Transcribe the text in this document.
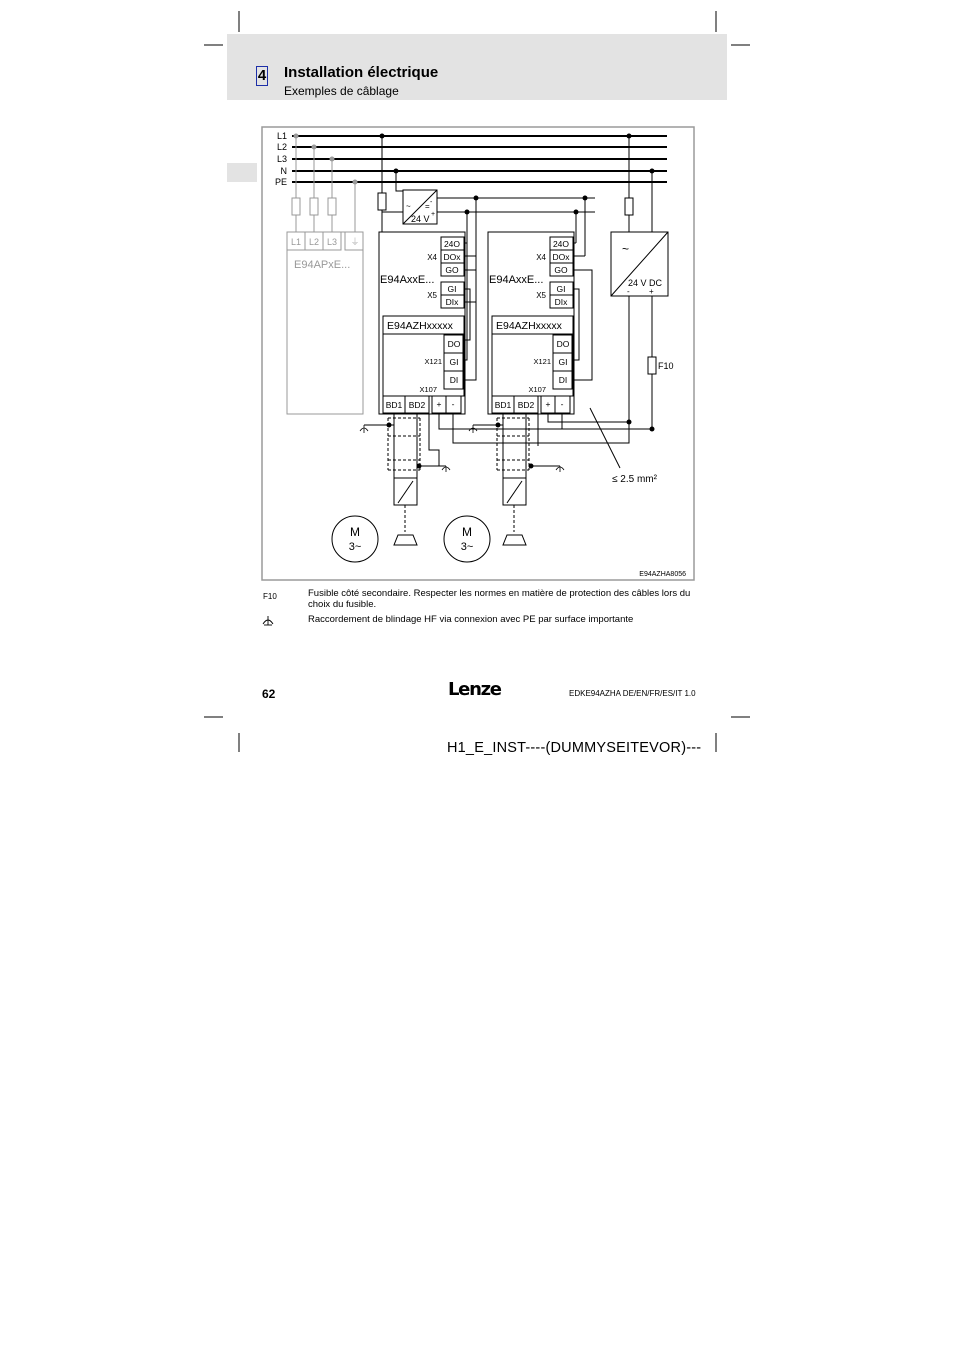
4 Installation électrique
Exemples de câblage
L1
L2
L3
N
PE
L1 L2 L3 ⏚
E94APxE...
~ =
24 V
-
+
E94AxxE...
X4
24O
DOx
GO
X5
GI
DIx
E94AZHxxxxx
X121
DO
GI
DI
X107
BD1 BD2 + -
E94AxxE...
X4
24O
DOx
GO
X5
GI
DIx
E94AZHxxxxx
X121
DO
GI
DI
X107
BD1 BD2 + -
~
24 V DC
- +
F10
≤ 2.5 mm²
M
3~
M
3~
E94AZHA8056
F10	Fusible côté secondaire. Respecter les normes en matière de protection des câbles lors du choix du fusible.
Raccordement de blindage HF via connexion avec PE par surface importante
62	Lenze	EDKE94AZHA DE/EN/FR/ES/IT 1.0
H1_E_INST----(DUMMYSEITEVOR)---
